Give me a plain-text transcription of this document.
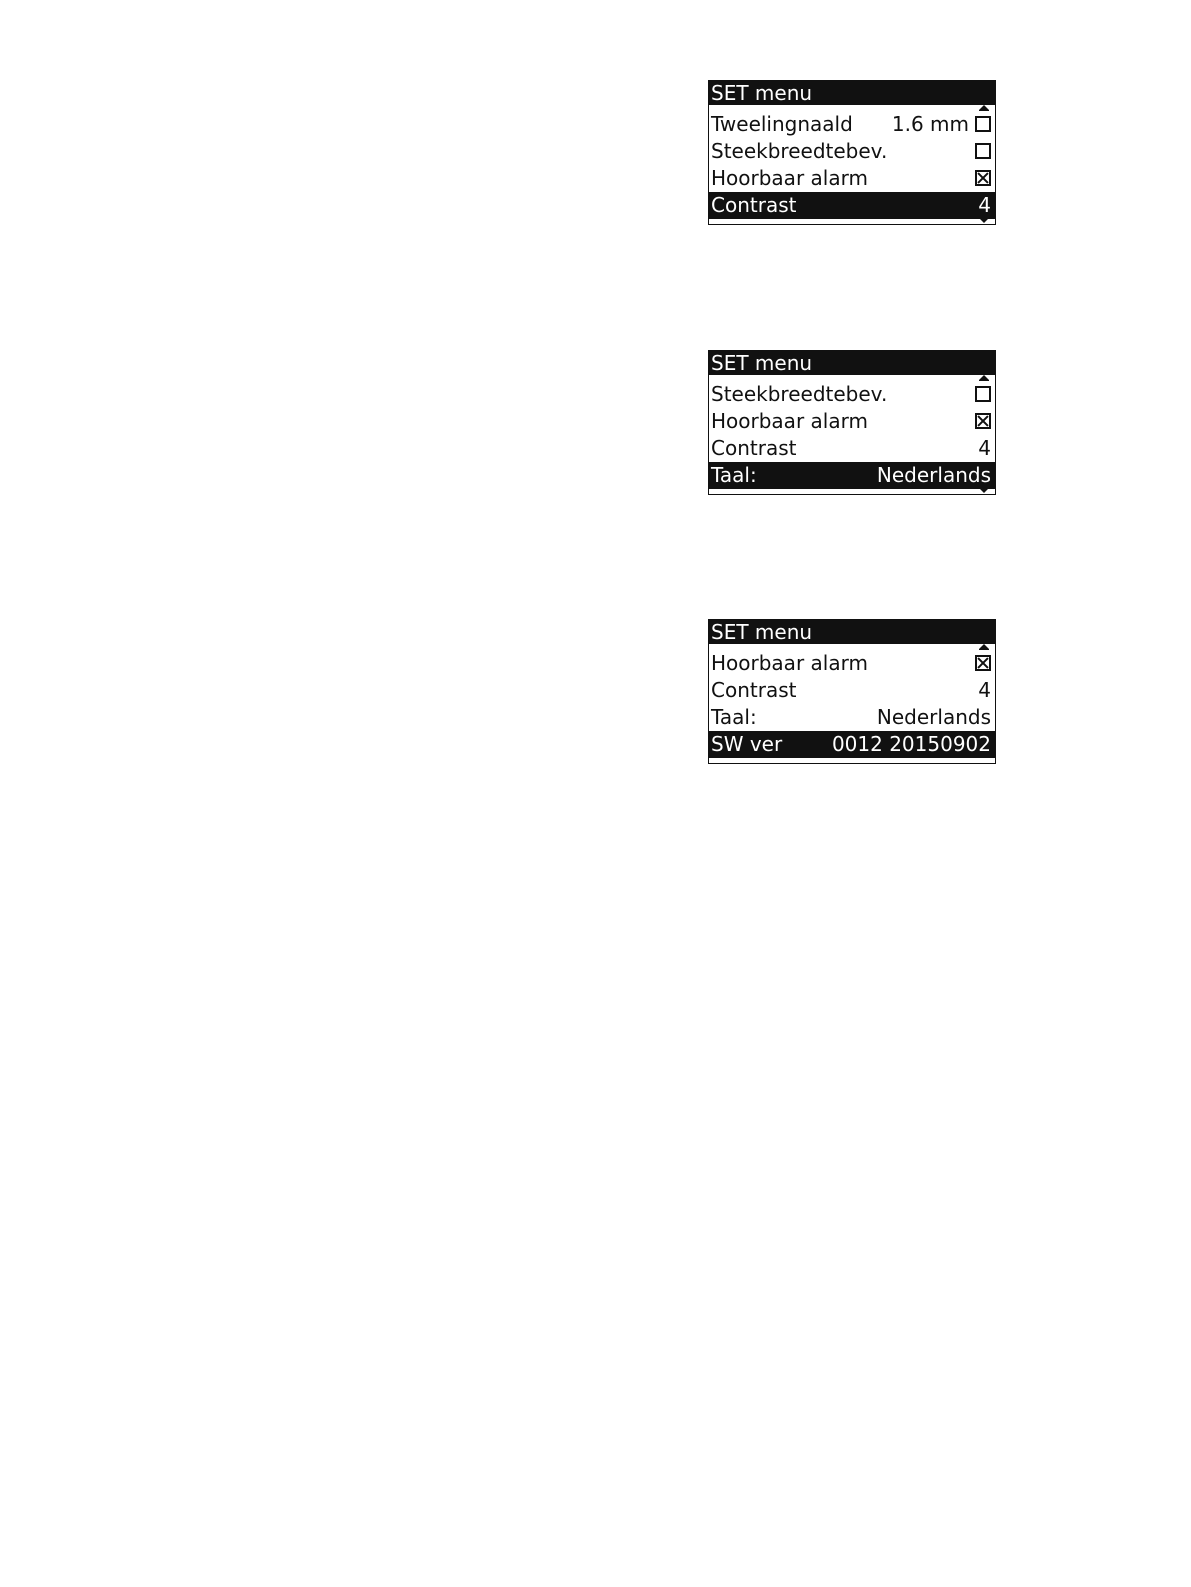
SET menu
Tweelingnaald 1.6 mm
Steekbreedtebev.
Hoorbaar alarm
Contrast	4
SET menu
Steekbreedtebev.
Hoorbaar alarm
Contrast	4
Taal:	Nederlands
SET menu
Hoorbaar alarm
Contrast	4
Taal:	Nederlands
SW ver 0012 20150902
